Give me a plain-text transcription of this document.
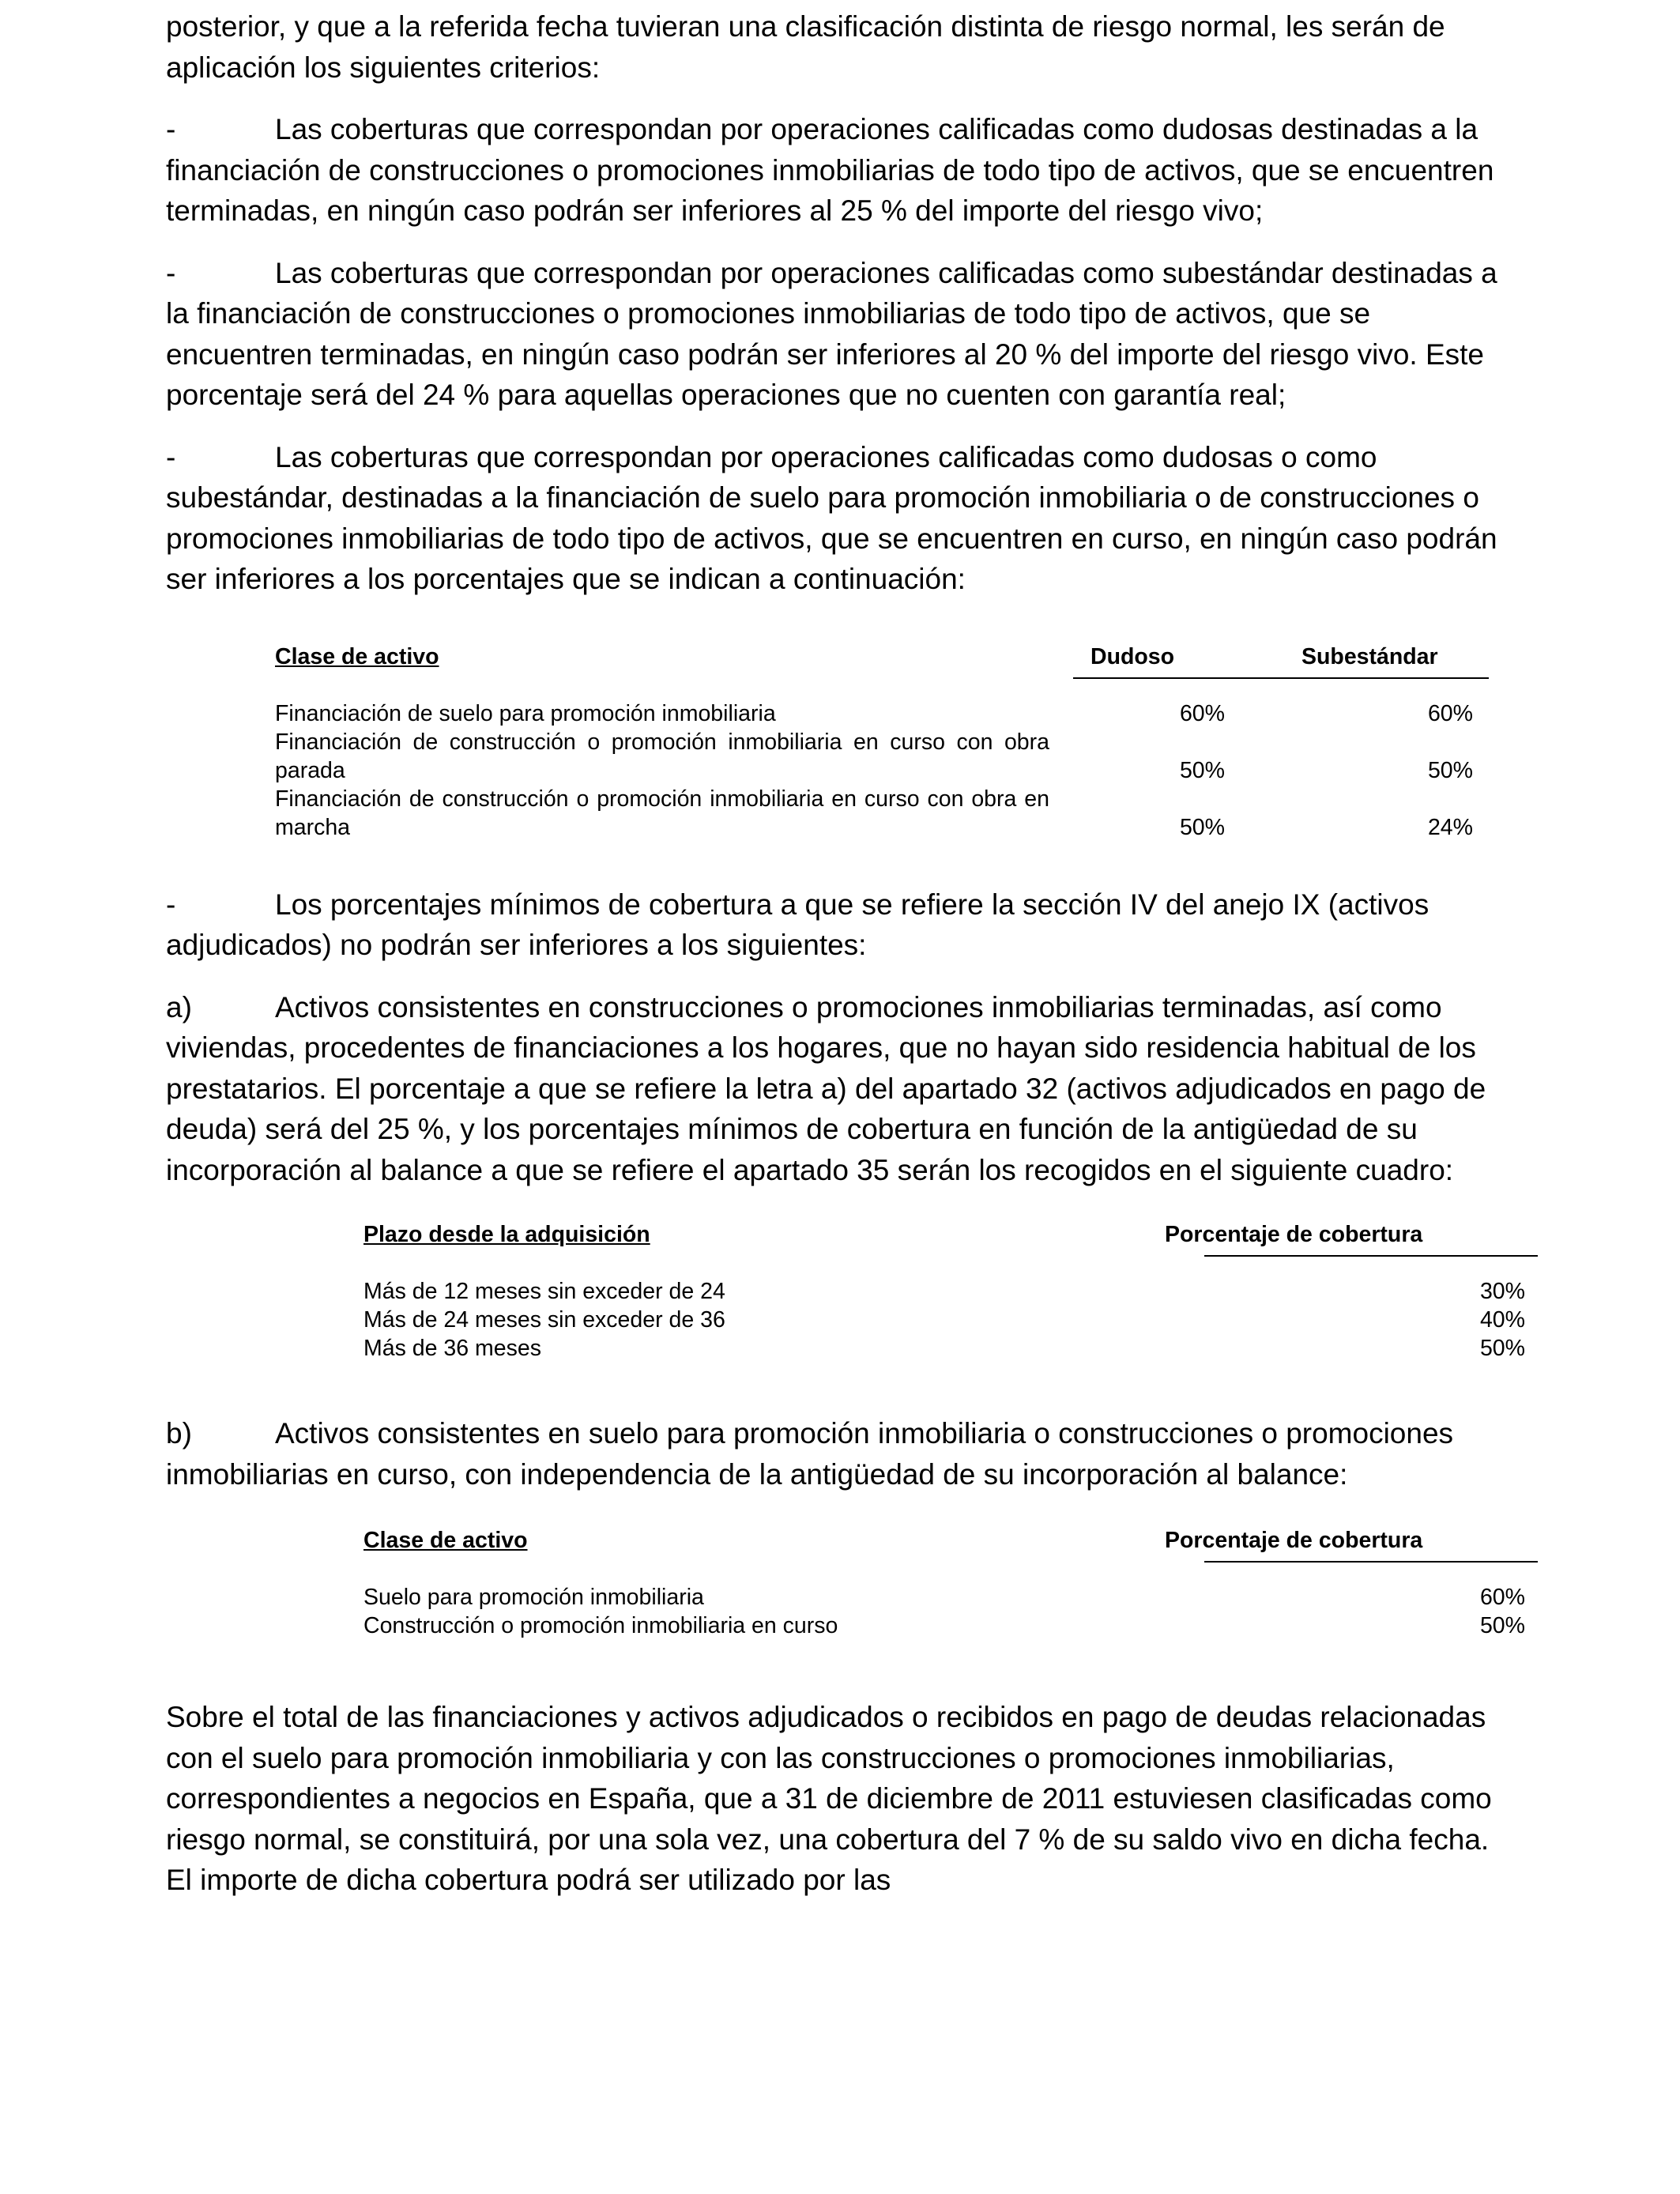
posterior, y que a la referida fecha tuvieran una clasificación distinta de riesgo normal, les serán de aplicación los siguientes criterios:

-	Las coberturas que correspondan por operaciones calificadas como dudosas destinadas a la financiación de construcciones o promociones inmobiliarias de todo tipo de activos, que se encuentren terminadas, en ningún caso podrán ser inferiores al 25 % del importe del riesgo vivo;

-	Las coberturas que correspondan por operaciones calificadas como subestándar destinadas a la financiación de construcciones o promociones inmobiliarias de todo tipo de activos, que se encuentren terminadas, en ningún caso podrán ser inferiores al 20 % del importe del riesgo vivo. Este porcentaje será del 24 % para aquellas operaciones que no cuenten con garantía real;

-	Las coberturas que correspondan por operaciones calificadas como dudosas o como subestándar, destinadas a la financiación de suelo para promoción inmobiliaria o de construcciones o promociones inmobiliarias de todo tipo de activos, que se encuentren en curso, en ningún caso podrán ser inferiores a los porcentajes que se indican a continuación:

Clase de activo	Dudoso	Subestándar
Financiación de suelo para promoción inmobiliaria	60%	60%
Financiación de construcción o promoción inmobiliaria en curso con obra parada	50%	50%
Financiación de construcción o promoción inmobiliaria en curso con obra en marcha	50%	24%

-	Los porcentajes mínimos de cobertura a que se refiere la sección IV del anejo IX (activos adjudicados) no podrán ser inferiores a los siguientes:

a)	Activos consistentes en construcciones o promociones inmobiliarias terminadas, así como viviendas, procedentes de financiaciones a los hogares, que no hayan sido residencia habitual de los prestatarios. El porcentaje a que se refiere la letra a) del apartado 32 (activos adjudicados en pago de deuda) será del 25 %, y los porcentajes mínimos de cobertura en función de la antigüedad de su incorporación al balance a que se refiere el apartado 35 serán los recogidos en el siguiente cuadro:

Plazo desde la adquisición	Porcentaje de cobertura
Más de 12 meses sin exceder de 24	30%
Más de 24 meses sin exceder de 36	40%
Más de 36 meses	50%

b)	Activos consistentes en suelo para promoción inmobiliaria o construcciones o promociones inmobiliarias en curso, con independencia de la antigüedad de su incorporación al balance:

Clase de activo	Porcentaje de cobertura
Suelo para promoción inmobiliaria	60%
Construcción o promoción inmobiliaria en curso	50%

Sobre el total de las financiaciones y activos adjudicados o recibidos en pago de deudas relacionadas con el suelo para promoción inmobiliaria y con las construcciones o promociones inmobiliarias, correspondientes a negocios en España, que a 31 de diciembre de 2011 estuviesen clasificadas como riesgo normal, se constituirá, por una sola vez, una cobertura del 7 % de su saldo vivo en dicha fecha. El importe de dicha cobertura podrá ser utilizado por las
